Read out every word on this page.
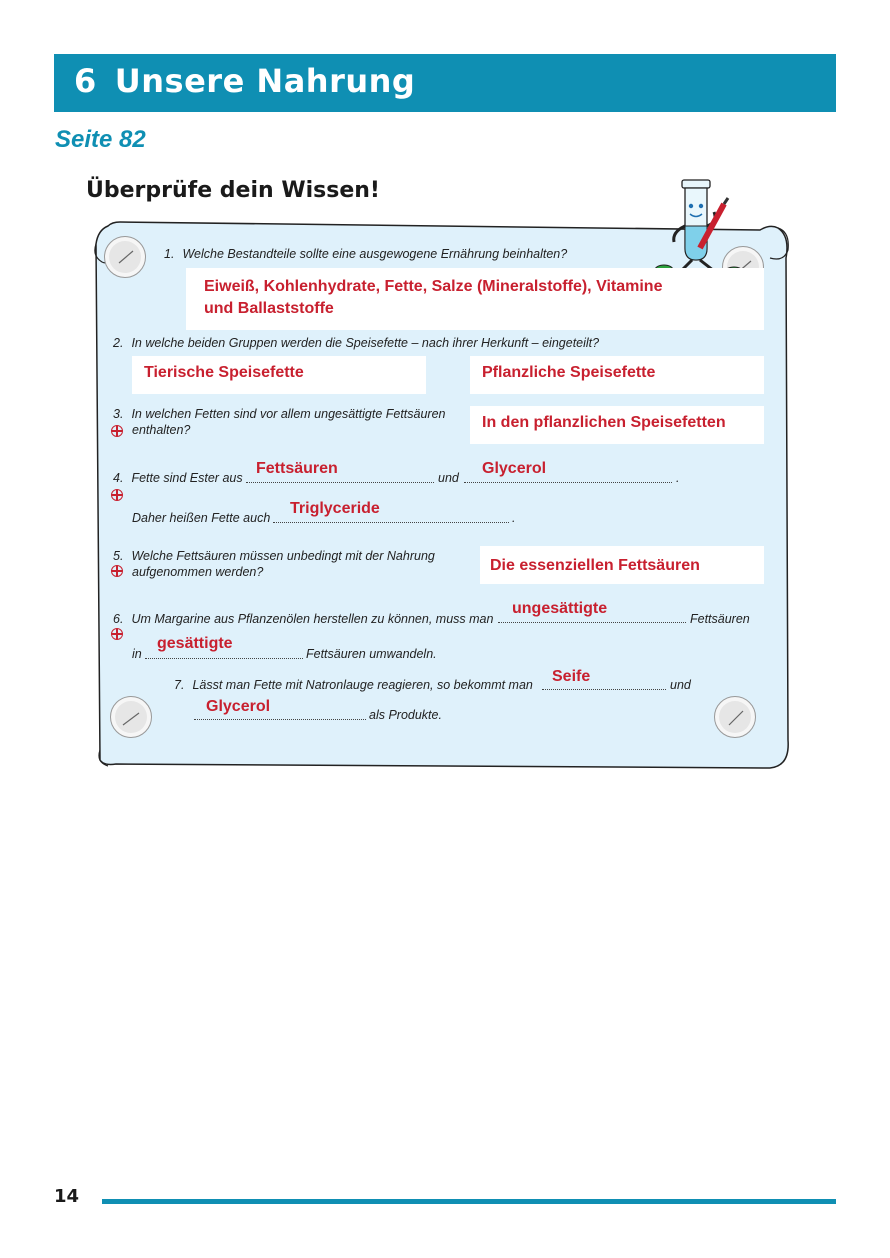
6 Unsere Nahrung
Seite 82
Überprüfe dein Wissen!
1. Welche Bestandteile sollte eine ausgewogene Ernährung beinhalten?
Eiweiß, Kohlenhydrate, Fette, Salze (Mineralstoffe), Vitamine und Ballaststoffe
2. In welche beiden Gruppen werden die Speisefette – nach ihrer Herkunft – eingeteilt?
Tierische Speisefette	Pflanzliche Speisefette
3. In welchen Fetten sind vor allem ungesättigte Fettsäuren
enthalten?	In den pflanzlichen Speisefetten
4. Fette sind Ester aus
Fettsäuren
und
Glycerol
.
Daher heißen Fette auch
Triglyceride
.
5. Welche Fettsäuren müssen unbedingt mit der Nahrung
aufgenommen werden?	Die essenziellen Fettsäuren
6. Um Margarine aus Pflanzenölen herstellen zu können, muss man
ungesättigte
Fettsäuren
in
gesättigte
Fettsäuren umwandeln.
7. Lässt man Fette mit Natronlauge reagieren, so bekommt man Seife	und
Glycerol	als Produkte.
14
